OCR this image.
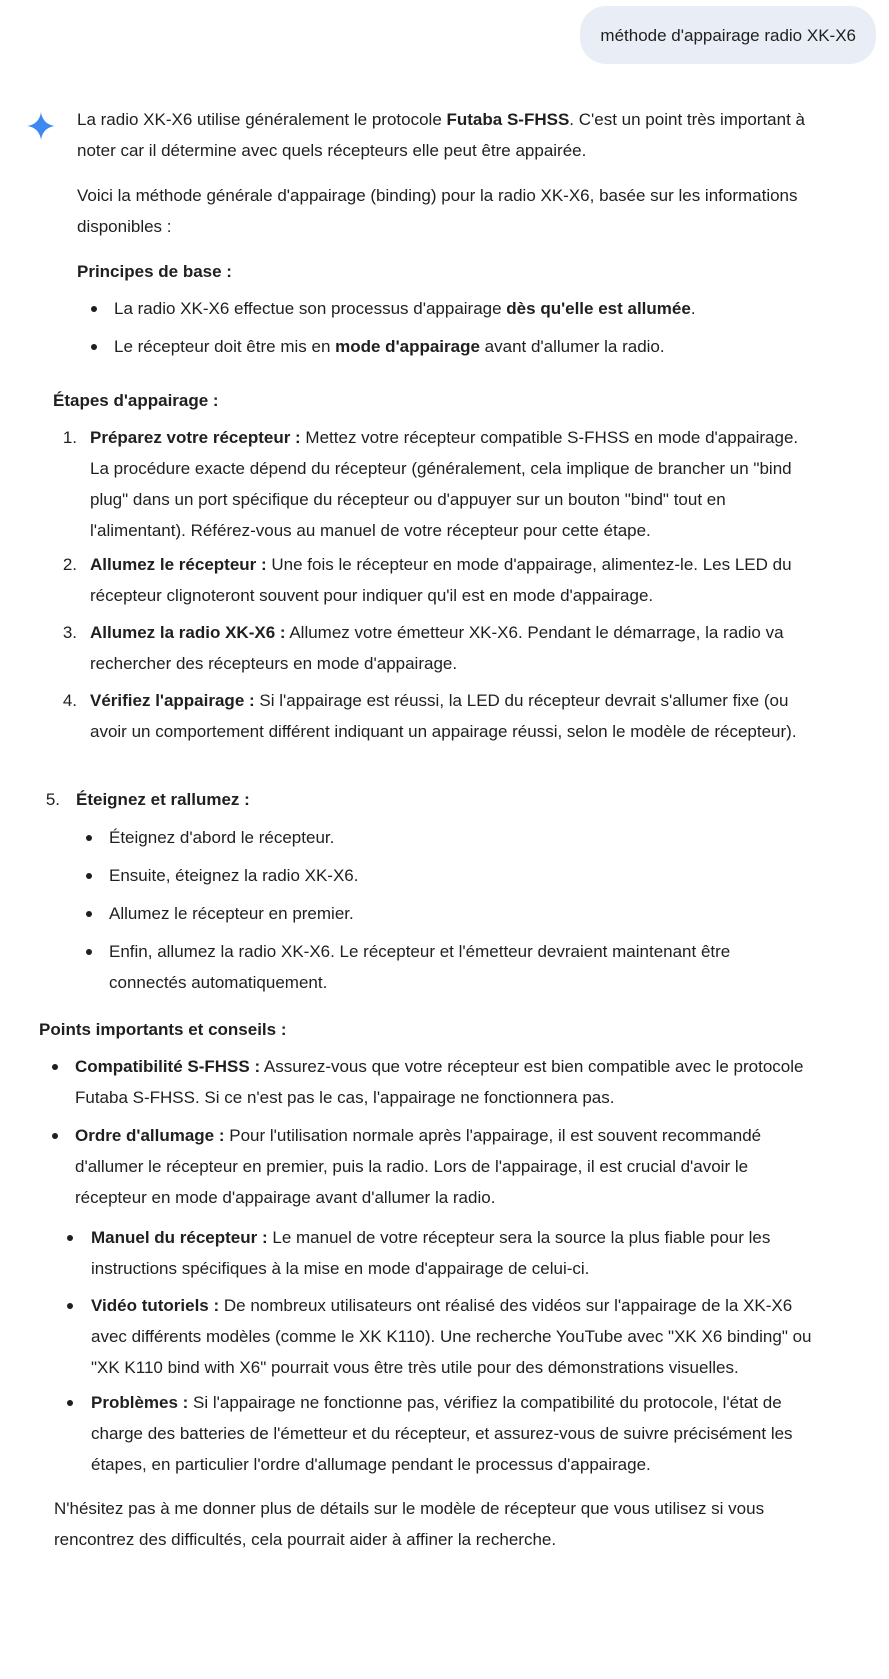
méthode d'appairage radio XK-X6

La radio XK-X6 utilise généralement le protocole Futaba S-FHSS. C'est un point très important à noter car il détermine avec quels récepteurs elle peut être appairée.

Voici la méthode générale d'appairage (binding) pour la radio XK-X6, basée sur les informations disponibles :

Principes de base :

La radio XK-X6 effectue son processus d'appairage dès qu'elle est allumée.

Le récepteur doit être mis en mode d'appairage avant d'allumer la radio.

Étapes d'appairage :

1. Préparez votre récepteur : Mettez votre récepteur compatible S-FHSS en mode d'appairage. La procédure exacte dépend du récepteur (généralement, cela implique de brancher un "bind plug" dans un port spécifique du récepteur ou d'appuyer sur un bouton "bind" tout en l'alimentant). Référez-vous au manuel de votre récepteur pour cette étape.

2. Allumez le récepteur : Une fois le récepteur en mode d'appairage, alimentez-le. Les LED du récepteur clignoteront souvent pour indiquer qu'il est en mode d'appairage.

3. Allumez la radio XK-X6 : Allumez votre émetteur XK-X6. Pendant le démarrage, la radio va rechercher des récepteurs en mode d'appairage.

4. Vérifiez l'appairage : Si l'appairage est réussi, la LED du récepteur devrait s'allumer fixe (ou avoir un comportement différent indiquant un appairage réussi, selon le modèle de récepteur).

5. Éteignez et rallumez :

Éteignez d'abord le récepteur.

Ensuite, éteignez la radio XK-X6.

Allumez le récepteur en premier.

Enfin, allumez la radio XK-X6. Le récepteur et l'émetteur devraient maintenant être connectés automatiquement.

Points importants et conseils :

Compatibilité S-FHSS : Assurez-vous que votre récepteur est bien compatible avec le protocole Futaba S-FHSS. Si ce n'est pas le cas, l'appairage ne fonctionnera pas.

Ordre d'allumage : Pour l'utilisation normale après l'appairage, il est souvent recommandé d'allumer le récepteur en premier, puis la radio. Lors de l'appairage, il est crucial d'avoir le récepteur en mode d'appairage avant d'allumer la radio.

Manuel du récepteur : Le manuel de votre récepteur sera la source la plus fiable pour les instructions spécifiques à la mise en mode d'appairage de celui-ci.

Vidéo tutoriels : De nombreux utilisateurs ont réalisé des vidéos sur l'appairage de la XK-X6 avec différents modèles (comme le XK K110). Une recherche YouTube avec "XK X6 binding" ou "XK K110 bind with X6" pourrait vous être très utile pour des démonstrations visuelles.

Problèmes : Si l'appairage ne fonctionne pas, vérifiez la compatibilité du protocole, l'état de charge des batteries de l'émetteur et du récepteur, et assurez-vous de suivre précisément les étapes, en particulier l'ordre d'allumage pendant le processus d'appairage.

N'hésitez pas à me donner plus de détails sur le modèle de récepteur que vous utilisez si vous rencontrez des difficultés, cela pourrait aider à affiner la recherche.
